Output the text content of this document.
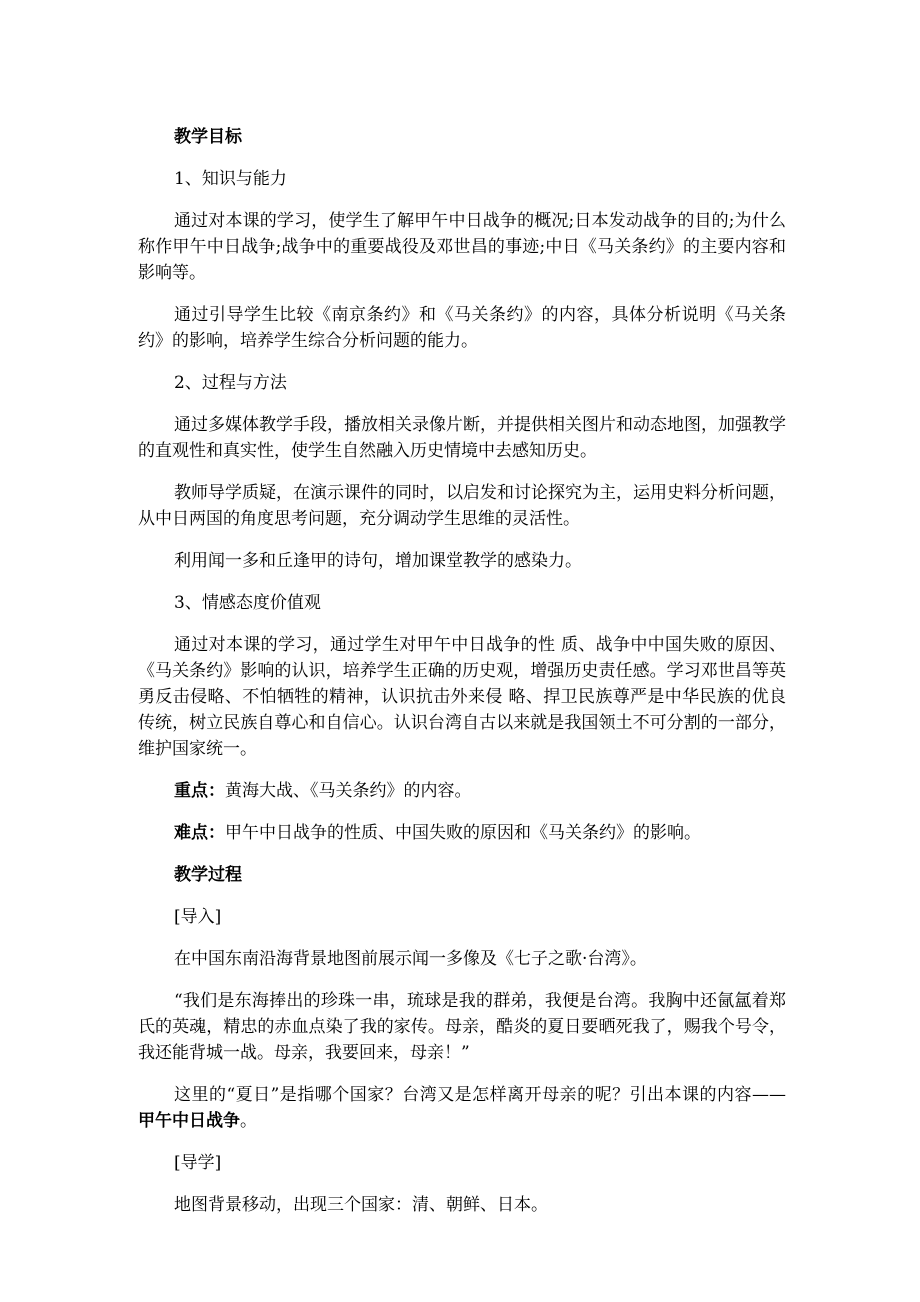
教学目标

1、知识与能力

通过对本课的学习，使学生了解甲午中日战争的概况;日本发动战争的目的;为什么称作甲午中日战争;战争中的重要战役及邓世昌的事迹;中日《马关条约》的主要内容和影响等。

通过引导学生比较《南京条约》和《马关条约》的内容，具体分析说明《马关条约》的影响，培养学生综合分析问题的能力。

2、过程与方法

通过多媒体教学手段，播放相关录像片断，并提供相关图片和动态地图，加强教学的直观性和真实性，使学生自然融入历史情境中去感知历史。

教师导学质疑，在演示课件的同时，以启发和讨论探究为主，运用史料分析问题，从中日两国的角度思考问题，充分调动学生思维的灵活性。

利用闻一多和丘逢甲的诗句，增加课堂教学的感染力。

3、情感态度价值观

通过对本课的学习，通过学生对甲午中日战争的性 质、战争中中国失败的原因、《马关条约》影响的认识，培养学生正确的历史观，增强历史责任感。学习邓世昌等英勇反击侵略、不怕牺牲的精神，认识抗击外来侵 略、捍卫民族尊严是中华民族的优良传统，树立民族自尊心和自信心。认识台湾自古以来就是我国领土不可分割的一部分，维护国家统一。

重点：黄海大战、《马关条约》的内容。

难点：甲午中日战争的性质、中国失败的原因和《马关条约》的影响。

教学过程

[导入]

在中国东南沿海背景地图前展示闻一多像及《七子之歌·台湾》。

“我们是东海捧出的珍珠一串，琉球是我的群弟，我便是台湾。我胸中还氤氲着郑氏的英魂，精忠的赤血点染了我的家传。母亲，酷炎的夏日要晒死我了，赐我个号令，我还能背城一战。母亲，我要回来，母亲！”

这里的“夏日”是指哪个国家？台湾又是怎样离开母亲的呢？引出本课的内容——甲午中日战争。

[导学]

地图背景移动，出现三个国家：清、朝鲜、日本。
